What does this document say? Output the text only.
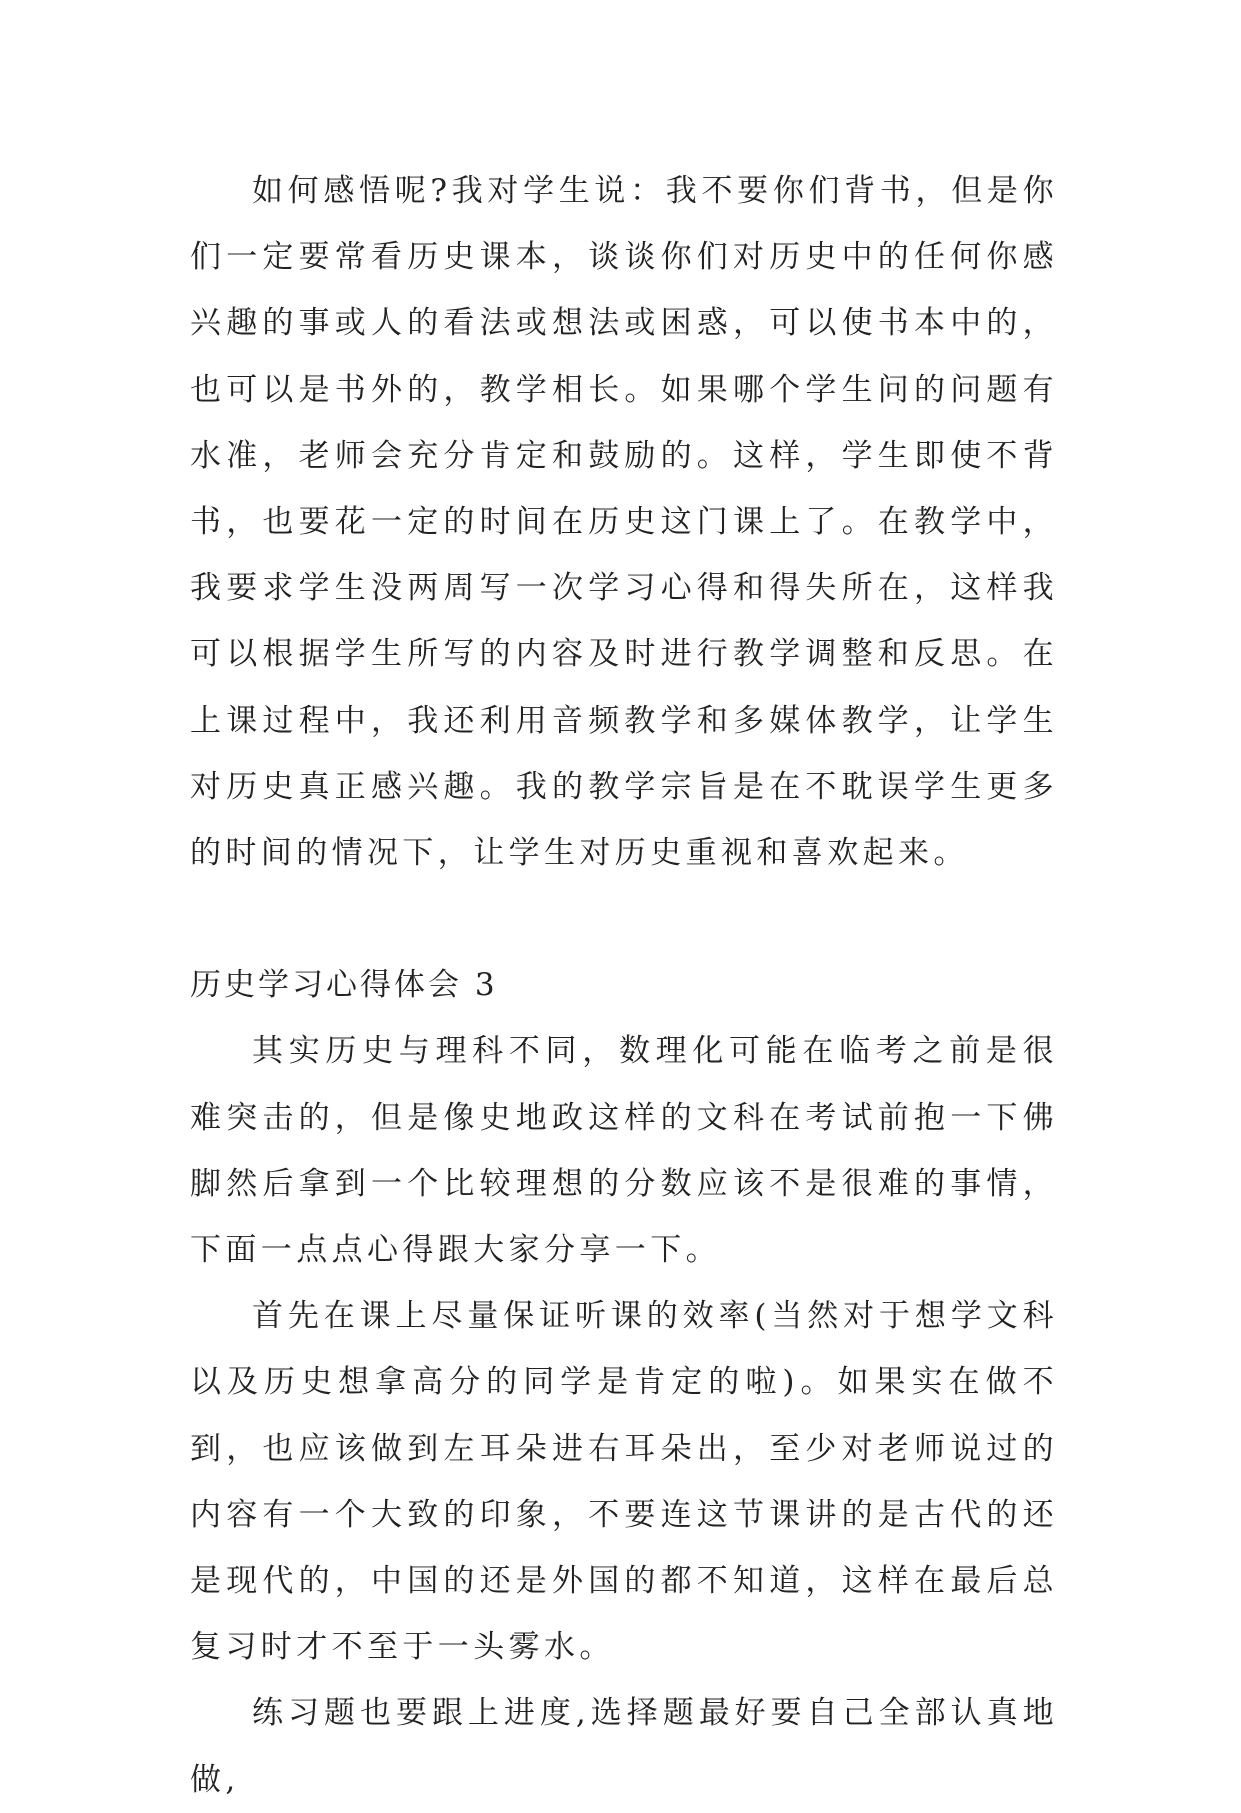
如何感悟呢?我对学生说：我不要你们背书，但是你们一定要常看历史课本，谈谈你们对历史中的任何你感兴趣的事或人的看法或想法或困惑，可以使书本中的，也可以是书外的，教学相长。如果哪个学生问的问题有水准，老师会充分肯定和鼓励的。这样，学生即使不背书，也要花一定的时间在历史这门课上了。在教学中，我要求学生没两周写一次学习心得和得失所在，这样我可以根据学生所写的内容及时进行教学调整和反思。在上课过程中，我还利用音频教学和多媒体教学，让学生对历史真正感兴趣。我的教学宗旨是在不耽误学生更多的时间的情况下，让学生对历史重视和喜欢起来。

历史学习心得体会 3

其实历史与理科不同，数理化可能在临考之前是很难突击的，但是像史地政这样的文科在考试前抱一下佛脚然后拿到一个比较理想的分数应该不是很难的事情，下面一点点心得跟大家分享一下。

首先在课上尽量保证听课的效率(当然对于想学文科以及历史想拿高分的同学是肯定的啦)。如果实在做不到，也应该做到左耳朵进右耳朵出，至少对老师说过的内容有一个大致的印象，不要连这节课讲的是古代的还是现代的，中国的还是外国的都不知道，这样在最后总复习时才不至于一头雾水。

练习题也要跟上进度,选择题最好要自己全部认真地做,
